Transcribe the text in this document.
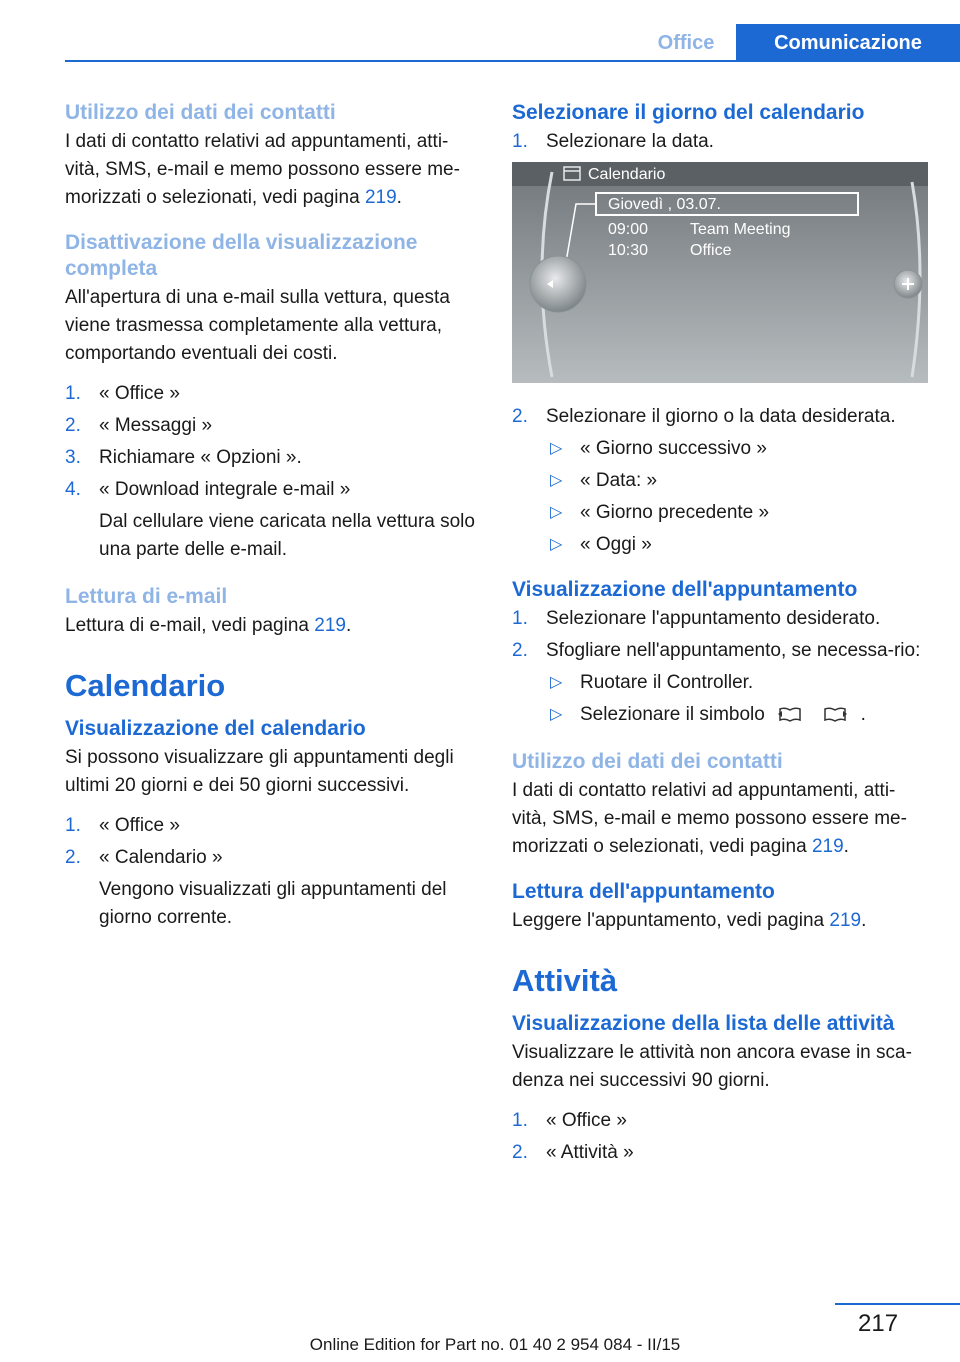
Office	Comunicazione
Utilizzo dei dati dei contatti

I dati di contatto relativi ad appuntamenti, atti-vità, SMS, e-mail e memo possono essere me-morizzati o selezionati, vedi pagina 219.

Disattivazione della visualizzazione completa

All'apertura di una e-mail sulla vettura, questa viene trasmessa completamente alla vettura, comportando eventuali dei costi.

1. « Office »
2. « Messaggi »
3. Richiamare « Opzioni ».
4. « Download integrale e-mail »
Dal cellulare viene caricata nella vettura solo una parte delle e-mail.
Lettura di e-mail

Lettura di e-mail, vedi pagina 219.

Calendario
Visualizzazione del calendario

Si possono visualizzare gli appuntamenti degli ultimi 20 giorni e dei 50 giorni successivi.

1. « Office »
2. « Calendario »
Vengono visualizzati gli appuntamenti del giorno corrente.
Selezionare il giorno del calendario
1. Selezionare la data.
Calendario
Giovedì , 03.07.
09:00	Team Meeting
10:30	Office
2. Selezionare il giorno o la data desiderata.
▷ « Giorno successivo »
▷ « Data: »
▷ « Giorno precedente »
▷ « Oggi »
Visualizzazione dell'appuntamento
1. Selezionare l'appuntamento desiderato.
2. Sfogliare nell'appuntamento, se necessa-rio:
▷ Ruotare il Controller.
▷ Selezionare il simbolo	.
Utilizzo dei dati dei contatti

I dati di contatto relativi ad appuntamenti, atti-vità, SMS, e-mail e memo possono essere me-morizzati o selezionati, vedi pagina 219.

Lettura dell'appuntamento

Leggere l'appuntamento, vedi pagina 219.

Attività
Visualizzazione della lista delle attività

Visualizzare le attività non ancora evase in sca-denza nei successivi 90 giorni.

1. « Office »
2. « Attività »
217
Online Edition for Part no. 01 40 2 954 084 - II/15
